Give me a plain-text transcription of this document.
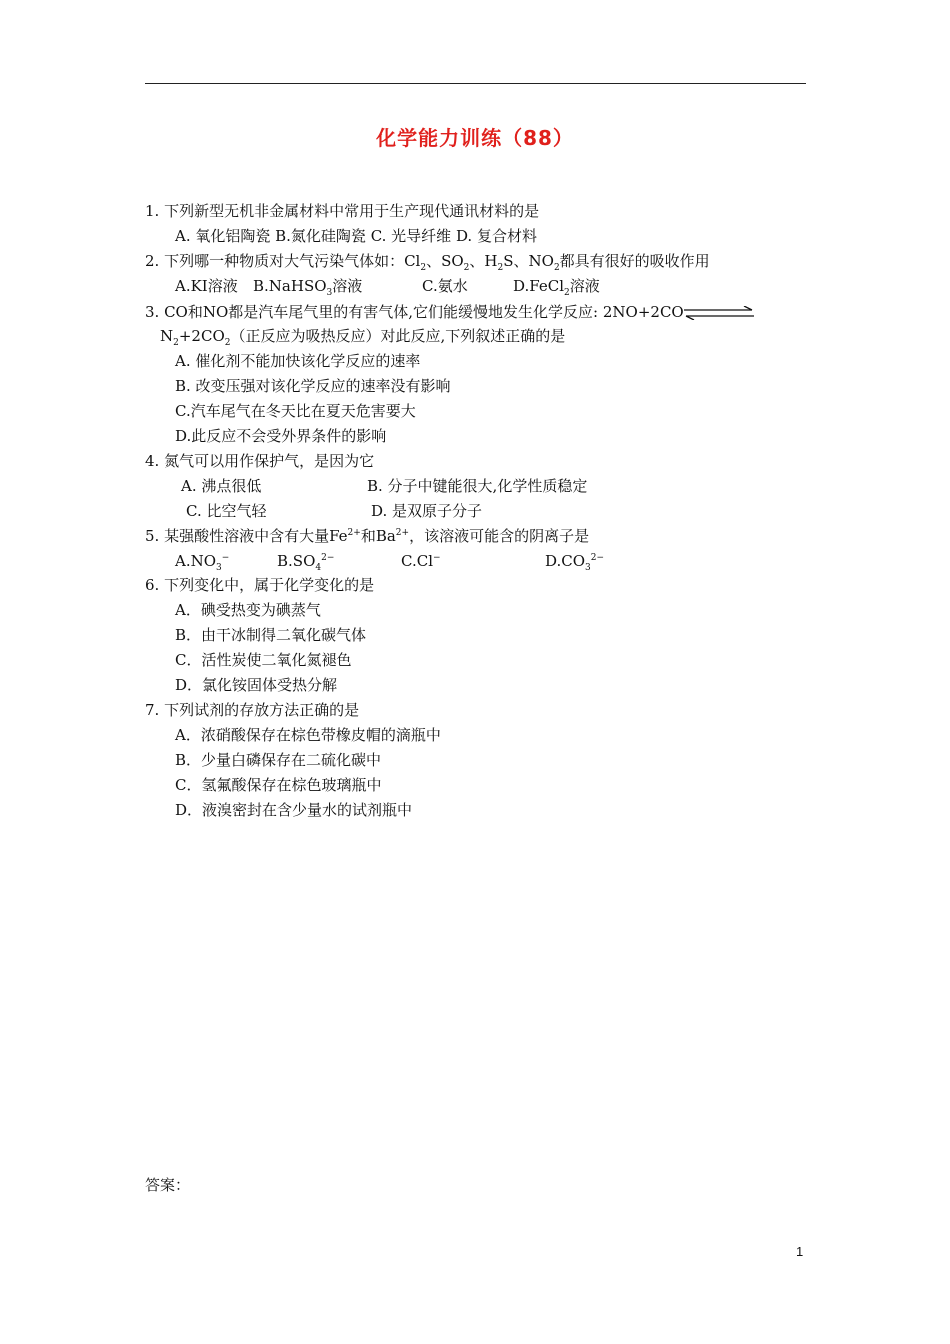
化学能力训练（88）
1. 下列新型无机非金属材料中常用于生产现代通讯材料的是
A. 氧化铝陶瓷 B.氮化硅陶瓷 C. 光导纤维 D. 复合材料
2. 下列哪一种物质对大气污染气体如：$Cl_2$、$SO_2$、$H_2S$、$NO_2$都具有很好的吸收作用
A.KI溶液 B.NaHSO$_3$溶液	C.氨水	D.FeCl$_2$溶液
3. CO和NO都是汽车尾气里的有害气体,它们能缓慢地发生化学反应: 2NO+2CO
$N_2+2CO_2$（正反应为吸热反应）对此反应,下列叙述正确的是
A. 催化剂不能加快该化学反应的速率
B. 改变压强对该化学反应的速率没有影响
C.汽车尾气在冬天比在夏天危害要大
D.此反应不会受外界条件的影响
4. 氮气可以用作保护气，是因为它
A. 沸点很低	B. 分子中键能很大,化学性质稳定
C. 比空气轻	D. 是双原子分子
5. 某强酸性溶液中含有大量$Fe^{2+}$和$Ba^{2+}$，该溶液可能含的阴离子是
$A.NO_3^-$	$B.SO_4^{2-}$	C.Cl−	$D.CO_3^{2-}$
6. 下列变化中，属于化学变化的是
A．碘受热变为碘蒸气
B．由干冰制得二氧化碳气体
C．活性炭使二氧化氮褪色
D．氯化铵固体受热分解
7. 下列试剂的存放方法正确的是
A．浓硝酸保存在棕色带橡皮帽的滴瓶中
B．少量白磷保存在二硫化碳中
C．氢氟酸保存在棕色玻璃瓶中
D．液溴密封在含少量水的试剂瓶中
答案：
1
